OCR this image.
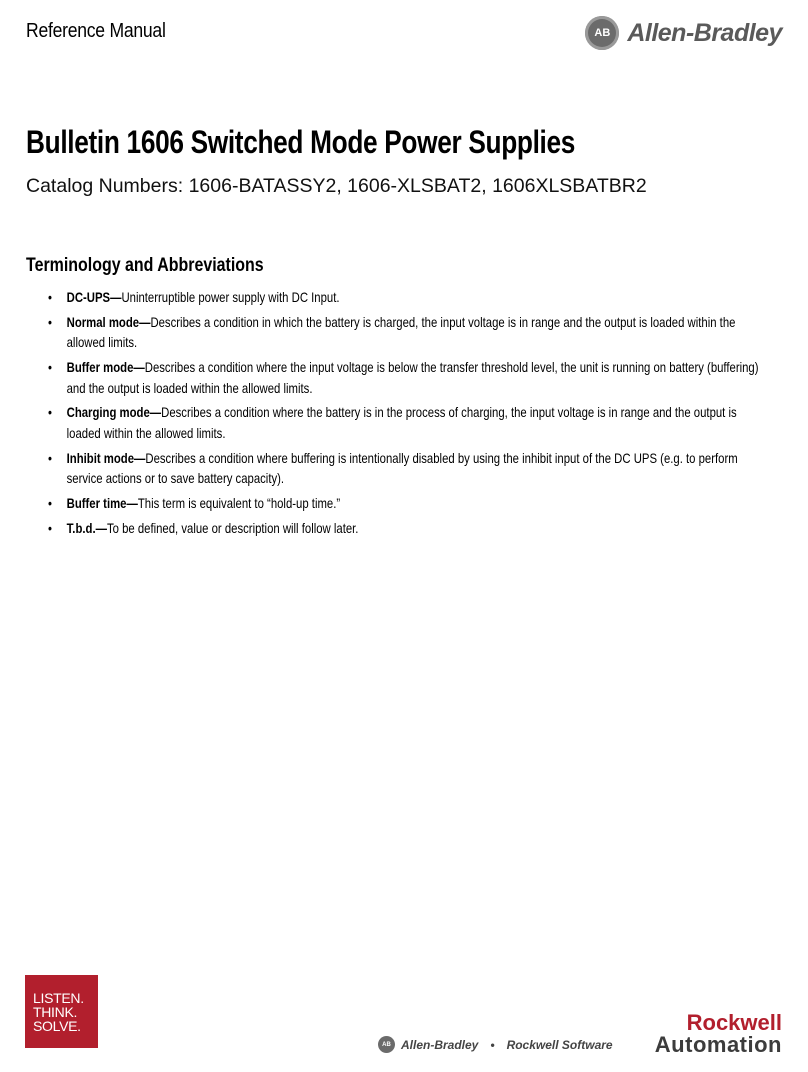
Reference Manual	AB Allen-Bradley
Bulletin 1606 Switched Mode Power Supplies
Catalog Numbers: 1606-BATASSY2, 1606-XLSBAT2, 1606XLSBATBR2
Terminology and Abbreviations
• DC-UPS—Uninterruptible power supply with DC Input.
• Normal mode—Describes a condition in which the battery is charged, the input voltage is in range and the output is loaded within the allowed limits.
• Buffer mode—Describes a condition where the input voltage is below the transfer threshold level, the unit is running on battery (buffering) and the output is loaded within the allowed limits.
• Charging mode—Describes a condition where the battery is in the process of charging, the input voltage is in range and the output is loaded within the allowed limits.
• Inhibit mode—Describes a condition where buffering is intentionally disabled by using the inhibit input of the DC UPS (e.g. to perform service actions or to save battery capacity).
• Buffer time—This term is equivalent to “hold-up time.”
• T.b.d.—To be defined, value or description will follow later.
LISTEN.
THINK.
SOLVE.
AB Allen-Bradley • Rockwell Software
Rockwell
Automation
